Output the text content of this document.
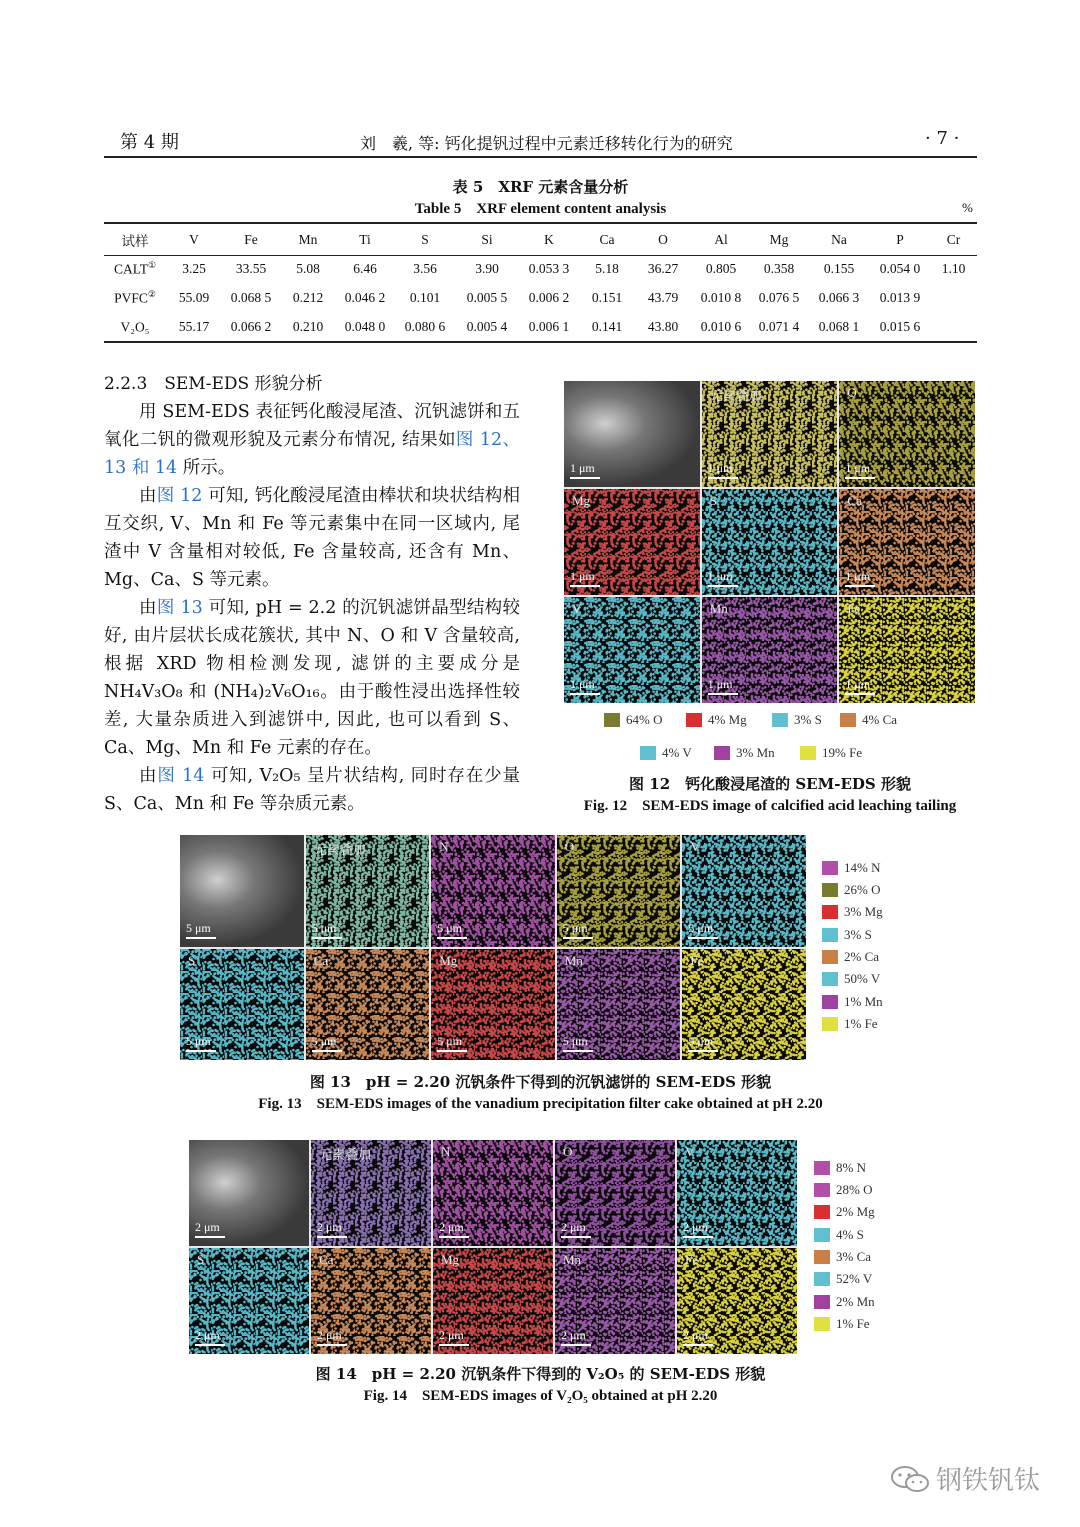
第 4 期	刘　羲, 等: 钙化提钒过程中元素迁移转化行为的研究	· 7 ·
表 5　XRF 元素含量分析
Table 5　XRF element content analysis	%
试样	V	Fe	Mn	Ti	S	Si	K	Ca	O	Al	Mg	Na	P	Cr
CALT①	3.25	33.55	5.08	6.46	3.56	3.90	0.053 3	5.18	36.27	0.805	0.358	0.155	0.054 0	1.10
PVFC②	55.09	0.068 5	0.212	0.046 2	0.101	0.005 5	0.006 2	0.151	43.79	0.010 8	0.076 5	0.066 3	0.013 9	
V₂O₅	55.17	0.066 2	0.210	0.048 0	0.080 6	0.005 4	0.006 1	0.141	43.80	0.010 6	0.071 4	0.068 1	0.015 6	
2.2.3　SEM-EDS 形貌分析

用 SEM-EDS 表征钙化酸浸尾渣、沉钒滤饼和五氧化二钒的微观形貌及元素分布情况, 结果如图 12、13 和 14 所示。

由图 12 可知, 钙化酸浸尾渣由棒状和块状结构相互交织, V、Mn 和 Fe 等元素集中在同一区域内, 尾渣中 V 含量相对较低, Fe 含量较高, 还含有 Mn、Mg、Ca、S 等元素。

由图 13 可知, pH = 2.2 的沉钒滤饼晶型结构较好, 由片层状长成花簇状, 其中 N、O 和 V 含量较高, 根据 XRD 物相检测发现, 滤饼的主要成分是 NH₄V₃O₈ 和 (NH₄)₂V₆O₁₆。由于酸性浸出选择性较差, 大量杂质进入到滤饼中, 因此, 也可以看到 S、Ca、Mg、Mn 和 Fe 元素的存在。

由图 14 可知, V₂O₅ 呈片状结构, 同时存在少量 S、Ca、Mn 和 Fe 等杂质元素。

1 μm
元素叠加
1 μm
O
1 μm
Mg
1 μm
S
1 μm
Ca
1 μm
V
1 μm
Mn
1 μm
Fe
1 μm
64% O	4% Mg	3% S	4% Ca
4% V	3% Mn	19% Fe
图 12　钙化酸浸尾渣的 SEM-EDS 形貌
Fig. 12　SEM-EDS image of calcified acid leaching tailing
5 μm
元素叠加
5 μm
N
5 μm
O
5 μm
V
5 μm
S
5 μm
Ca
5 μm
Mg
5 μm
Mn
5 μm
Fe
5 μm
14% N
26% O
3% Mg
3% S
2% Ca
50% V
1% Mn
1% Fe
图 13　pH = 2.20 沉钒条件下得到的沉钒滤饼的 SEM-EDS 形貌
Fig. 13　SEM-EDS images of the vanadium precipitation filter cake obtained at pH 2.20
2 μm
元素叠加
2 μm
N
2 μm
O
2 μm
V
2 μm
S
2 μm
Ca
2 μm
Mg
2 μm
Mn
2 μm
Fe
2 μm
8% N
28% O
2% Mg
4% S
3% Ca
52% V
2% Mn
1% Fe
图 14　pH = 2.20 沉钒条件下得到的 V₂O₅ 的 SEM-EDS 形貌
Fig. 14　SEM-EDS images of V₂O₅ obtained at pH 2.20
钢铁钒钛
